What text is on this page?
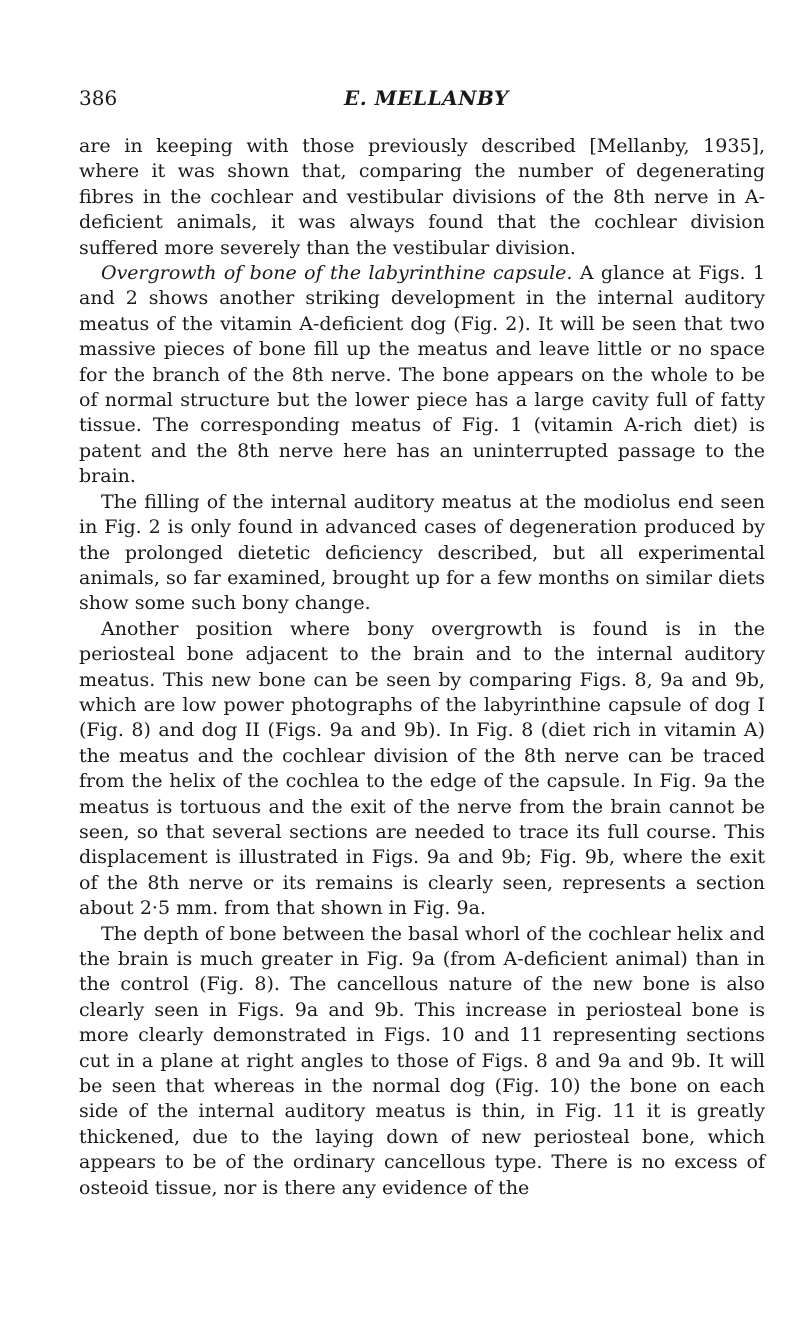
386	E. MELLANBY

are in keeping with those previously described [Mellanby, 1935], where it was shown that, comparing the number of degenerating fibres in the cochlear and vestibular divisions of the 8th nerve in A-deficient animals, it was always found that the cochlear division suffered more severely than the vestibular division.

Overgrowth of bone of the labyrinthine capsule. A glance at Figs. 1 and 2 shows another striking development in the internal auditory meatus of the vitamin A-deficient dog (Fig. 2). It will be seen that two massive pieces of bone fill up the meatus and leave little or no space for the branch of the 8th nerve. The bone appears on the whole to be of normal structure but the lower piece has a large cavity full of fatty tissue. The corresponding meatus of Fig. 1 (vitamin A-rich diet) is patent and the 8th nerve here has an uninterrupted passage to the brain.

The filling of the internal auditory meatus at the modiolus end seen in Fig. 2 is only found in advanced cases of degeneration produced by the prolonged dietetic deficiency described, but all experimental animals, so far examined, brought up for a few months on similar diets show some such bony change.

Another position where bony overgrowth is found is in the periosteal bone adjacent to the brain and to the internal auditory meatus. This new bone can be seen by comparing Figs. 8, 9a and 9b, which are low power photographs of the labyrinthine capsule of dog I (Fig. 8) and dog II (Figs. 9a and 9b). In Fig. 8 (diet rich in vitamin A) the meatus and the cochlear division of the 8th nerve can be traced from the helix of the cochlea to the edge of the capsule. In Fig. 9a the meatus is tortuous and the exit of the nerve from the brain cannot be seen, so that several sections are needed to trace its full course. This displacement is illustrated in Figs. 9a and 9b; Fig. 9b, where the exit of the 8th nerve or its remains is clearly seen, represents a section about 2·5 mm. from that shown in Fig. 9a.

The depth of bone between the basal whorl of the cochlear helix and the brain is much greater in Fig. 9a (from A-deficient animal) than in the control (Fig. 8). The cancellous nature of the new bone is also clearly seen in Figs. 9a and 9b. This increase in periosteal bone is more clearly demonstrated in Figs. 10 and 11 representing sections cut in a plane at right angles to those of Figs. 8 and 9a and 9b. It will be seen that whereas in the normal dog (Fig. 10) the bone on each side of the internal auditory meatus is thin, in Fig. 11 it is greatly thickened, due to the laying down of new periosteal bone, which appears to be of the ordinary cancellous type. There is no excess of osteoid tissue, nor is there any evidence of the
